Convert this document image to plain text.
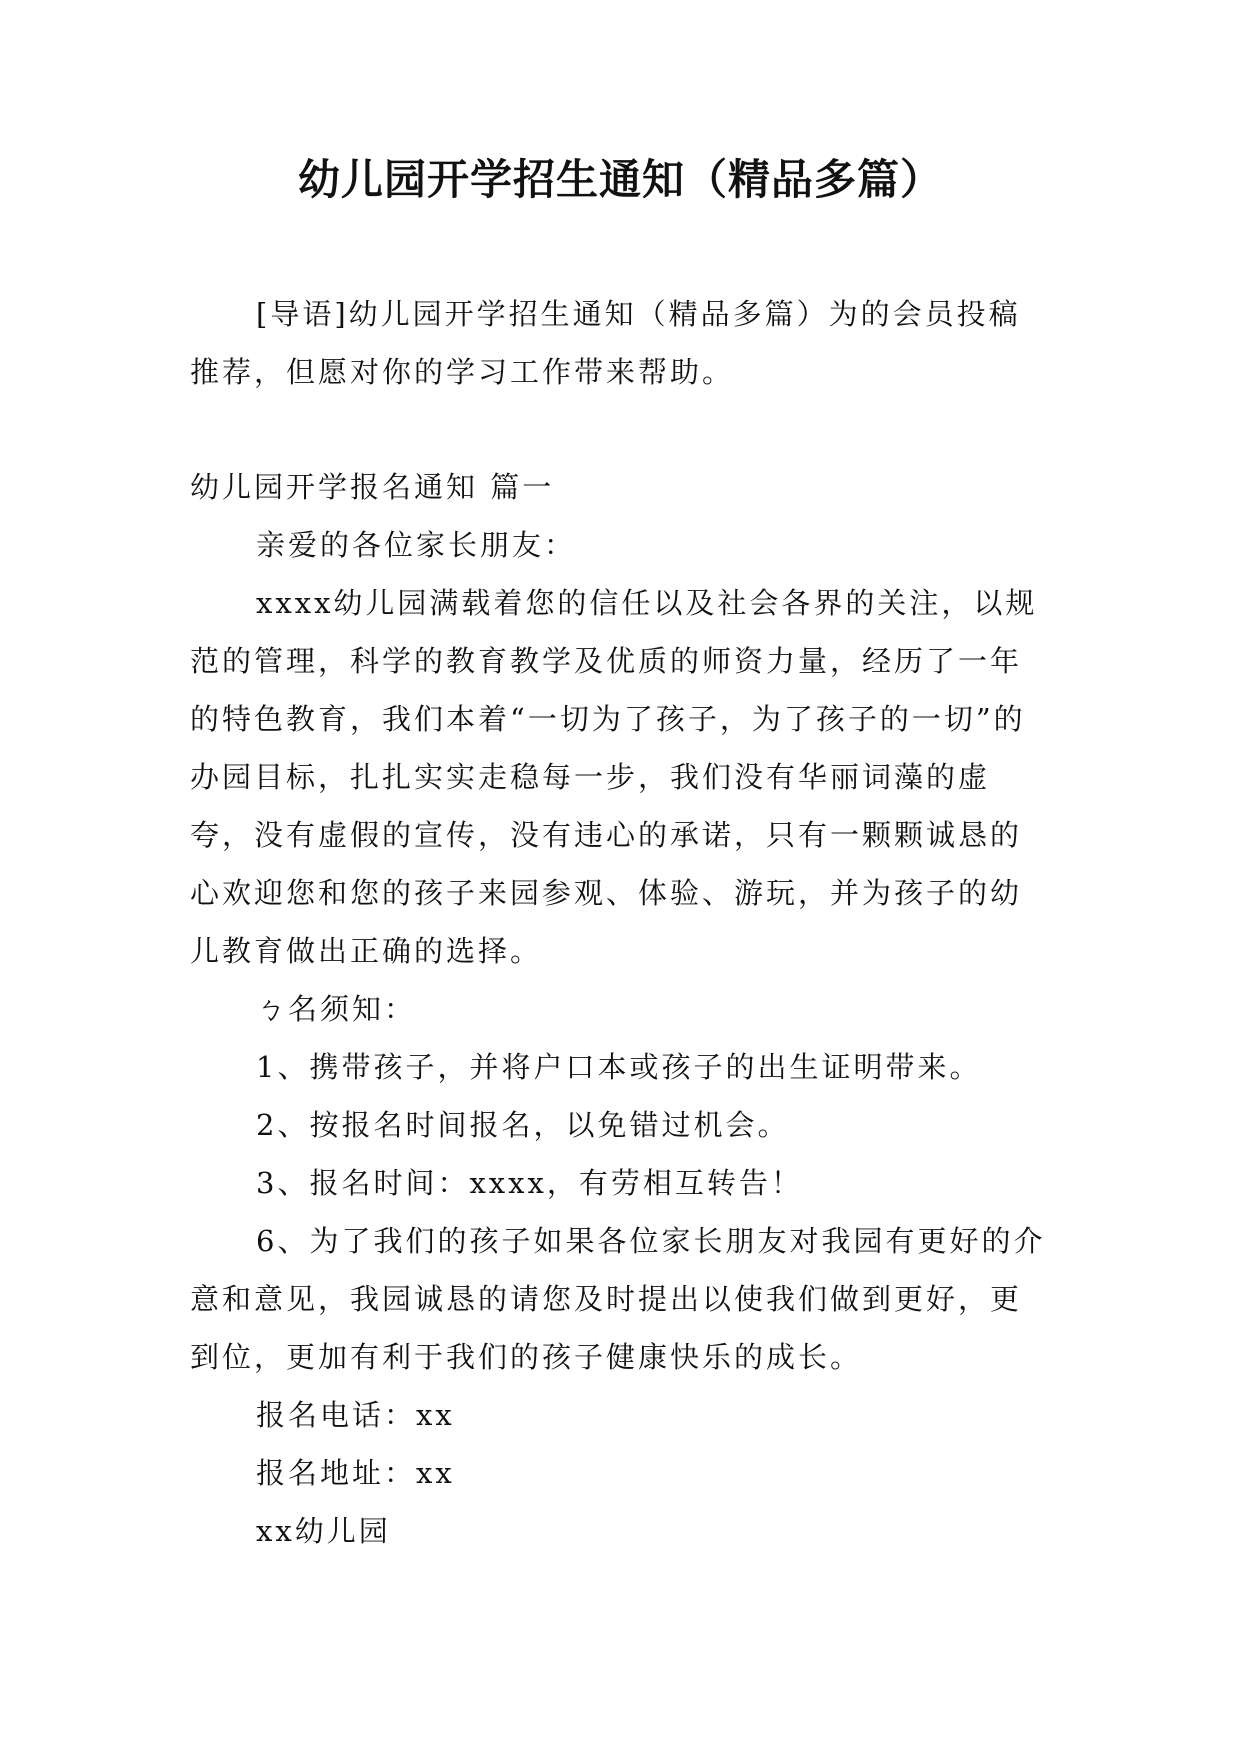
幼儿园开学招生通知（精品多篇）

[导语]幼儿园开学招生通知（精品多篇）为的会员投稿推荐，但愿对你的学习工作带来帮助。

幼儿园开学报名通知 篇一

亲爱的各位家长朋友：

xxxx幼儿园满载着您的信任以及社会各界的关注，以规范的管理，科学的教育教学及优质的师资力量，经历了一年的特色教育，我们本着“一切为了孩子，为了孩子的一切”的办园目标，扎扎实实走稳每一步，我们没有华丽词藻的虚夸，没有虚假的宣传，没有违心的承诺，只有一颗颗诚恳的心欢迎您和您的孩子来园参观、体验、游玩，并为孩子的幼儿教育做出正确的选择。

ㄅ名须知：

1、携带孩子，并将户口本或孩子的出生证明带来。

2、按报名时间报名，以免错过机会。

3、报名时间：xxxx，有劳相互转告！

6、为了我们的孩子如果各位家长朋友对我园有更好的介意和意见，我园诚恳的请您及时提出以使我们做到更好，更到位，更加有利于我们的孩子健康快乐的成长。

报名电话：xx

报名地址：xx

xx幼儿园
